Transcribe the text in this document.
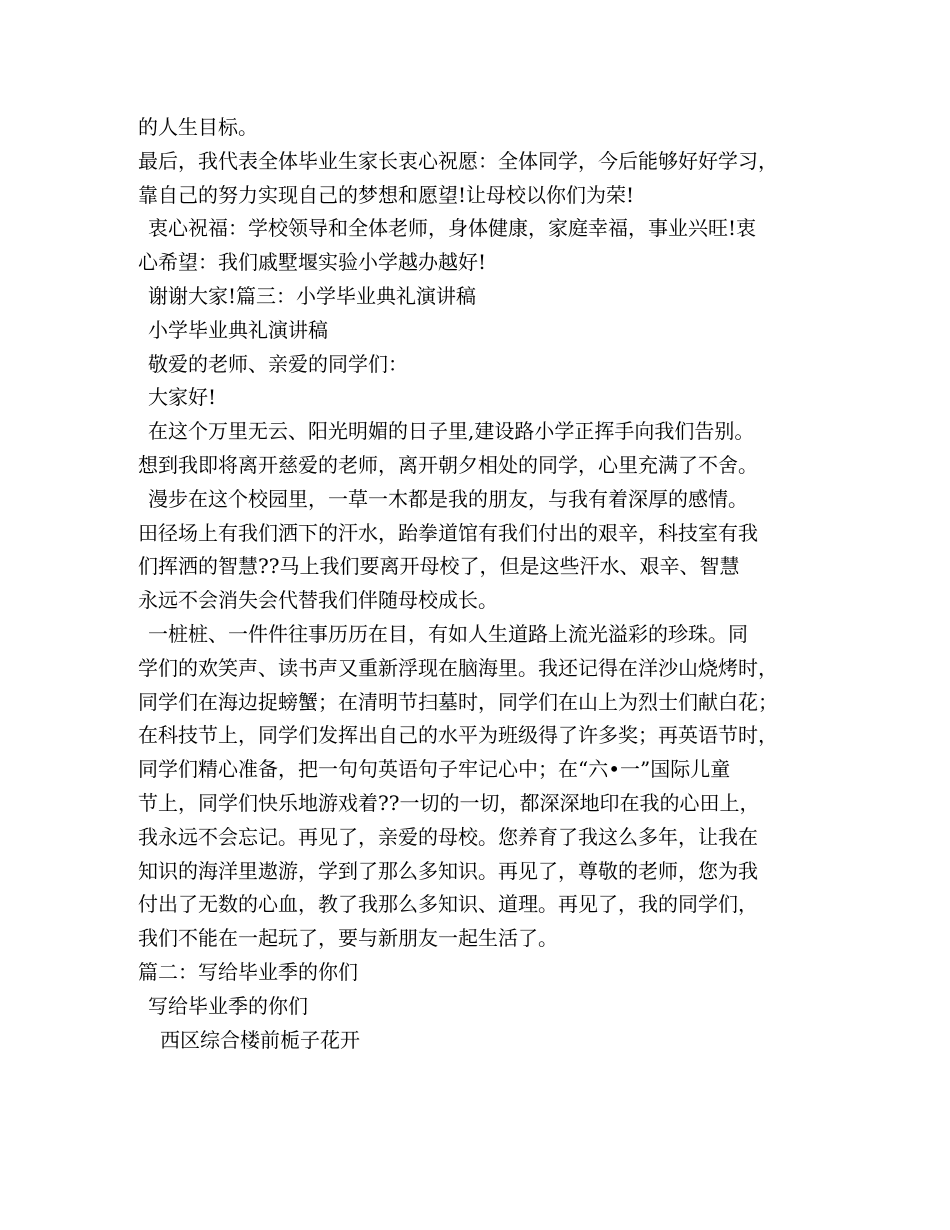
的人生目标。
最后，我代表全体毕业生家长衷心祝愿：全体同学，今后能够好好学习，
靠自己的努力实现自己的梦想和愿望!让母校以你们为荣!
衷心祝福：学校领导和全体老师，身体健康，家庭幸福，事业兴旺!衷
心希望：我们戚墅堰实验小学越办越好!
谢谢大家!篇三：小学毕业典礼演讲稿
小学毕业典礼演讲稿
敬爱的老师、亲爱的同学们：
大家好!
在这个万里无云、阳光明媚的日子里,建设路小学正挥手向我们告别。
想到我即将离开慈爱的老师，离开朝夕相处的同学，心里充满了不舍。
漫步在这个校园里，一草一木都是我的朋友，与我有着深厚的感情。
田径场上有我们洒下的汗水，跆拳道馆有我们付出的艰辛，科技室有我
们挥洒的智慧??马上我们要离开母校了，但是这些汗水、艰辛、智慧
永远不会消失会代替我们伴随母校成长。
一桩桩、一件件往事历历在目，有如人生道路上流光溢彩的珍珠。同
学们的欢笑声、读书声又重新浮现在脑海里。我还记得在洋沙山烧烤时，
同学们在海边捉螃蟹；在清明节扫墓时，同学们在山上为烈士们献白花；
在科技节上，同学们发挥出自己的水平为班级得了许多奖；再英语节时，
同学们精心准备，把一句句英语句子牢记心中；在“六•一”国际儿童
节上，同学们快乐地游戏着??一切的一切，都深深地印在我的心田上，
我永远不会忘记。再见了，亲爱的母校。您养育了我这么多年，让我在
知识的海洋里遨游，学到了那么多知识。再见了，尊敬的老师，您为我
付出了无数的心血，教了我那么多知识、道理。再见了，我的同学们，
我们不能在一起玩了，要与新朋友一起生活了。
篇二：写给毕业季的你们
写给毕业季的你们
西区综合楼前栀子花开
